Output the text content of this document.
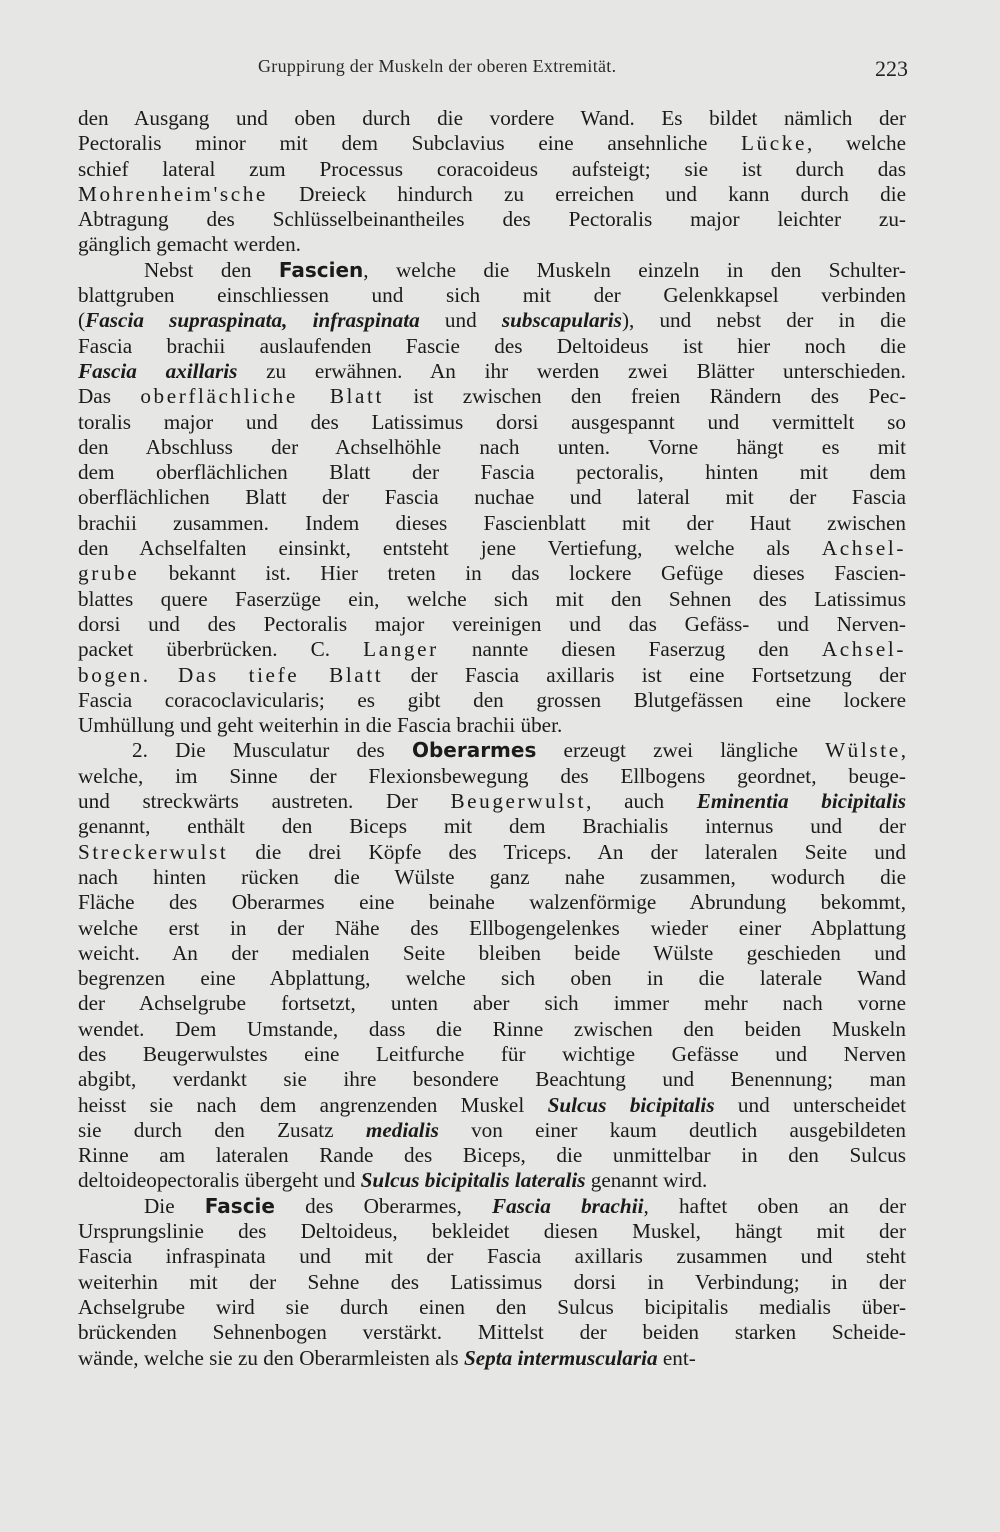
Gruppirung der Muskeln der oberen Extremität.	223
den Ausgang und oben durch die vordere Wand. Es bildet nämlich der
Pectoralis minor mit dem Subclavius eine ansehnliche Lücke, welche
schief lateral zum Processus coracoideus aufsteigt; sie ist durch das
Mohrenheim'sche Dreieck hindurch zu erreichen und kann durch die
Abtragung des Schlüsselbeinantheiles des Pectoralis major leichter zu-
gänglich gemacht werden.
Nebst den Fascien, welche die Muskeln einzeln in den Schulter-
blattgruben einschliessen und sich mit der Gelenkkapsel verbinden
(Fascia supraspinata, infraspinata und subscapularis), und nebst der in die
Fascia brachii auslaufenden Fascie des Deltoideus ist hier noch die
Fascia axillaris zu erwähnen. An ihr werden zwei Blätter unterschieden.
Das oberflächliche Blatt ist zwischen den freien Rändern des Pec-
toralis major und des Latissimus dorsi ausgespannt und vermittelt so
den Abschluss der Achselhöhle nach unten. Vorne hängt es mit
dem oberflächlichen Blatt der Fascia pectoralis, hinten mit dem
oberflächlichen Blatt der Fascia nuchae und lateral mit der Fascia
brachii zusammen. Indem dieses Fascienblatt mit der Haut zwischen
den Achselfalten einsinkt, entsteht jene Vertiefung, welche als Achsel-
grube bekannt ist. Hier treten in das lockere Gefüge dieses Fascien-
blattes quere Faserzüge ein, welche sich mit den Sehnen des Latissimus
dorsi und des Pectoralis major vereinigen und das Gefäss- und Nerven-
packet überbrücken. C. Langer nannte diesen Faserzug den Achsel-
bogen. Das tiefe Blatt der Fascia axillaris ist eine Fortsetzung der
Fascia coracoclavicularis; es gibt den grossen Blutgefässen eine lockere
Umhüllung und geht weiterhin in die Fascia brachii über.
2. Die Musculatur des Oberarmes erzeugt zwei längliche Wülste,
welche, im Sinne der Flexionsbewegung des Ellbogens geordnet, beuge-
und streckwärts austreten. Der Beugerwulst, auch Eminentia bicipitalis
genannt, enthält den Biceps mit dem Brachialis internus und der
Streckerwulst die drei Köpfe des Triceps. An der lateralen Seite und
nach hinten rücken die Wülste ganz nahe zusammen, wodurch die
Fläche des Oberarmes eine beinahe walzenförmige Abrundung bekommt,
welche erst in der Nähe des Ellbogengelenkes wieder einer Abplattung
weicht. An der medialen Seite bleiben beide Wülste geschieden und
begrenzen eine Abplattung, welche sich oben in die laterale Wand
der Achselgrube fortsetzt, unten aber sich immer mehr nach vorne
wendet. Dem Umstande, dass die Rinne zwischen den beiden Muskeln
des Beugerwulstes eine Leitfurche für wichtige Gefässe und Nerven
abgibt, verdankt sie ihre besondere Beachtung und Benennung; man
heisst sie nach dem angrenzenden Muskel Sulcus bicipitalis und unterscheidet
sie durch den Zusatz medialis von einer kaum deutlich ausgebildeten
Rinne am lateralen Rande des Biceps, die unmittelbar in den Sulcus
deltoideopectoralis übergeht und Sulcus bicipitalis lateralis genannt wird.
Die Fascie des Oberarmes, Fascia brachii, haftet oben an der
Ursprungslinie des Deltoideus, bekleidet diesen Muskel, hängt mit der
Fascia infraspinata und mit der Fascia axillaris zusammen und steht
weiterhin mit der Sehne des Latissimus dorsi in Verbindung; in der
Achselgrube wird sie durch einen den Sulcus bicipitalis medialis über-
brückenden Sehnenbogen verstärkt. Mittelst der beiden starken Scheide-
wände, welche sie zu den Oberarmleisten als Septa intermuscularia ent-
